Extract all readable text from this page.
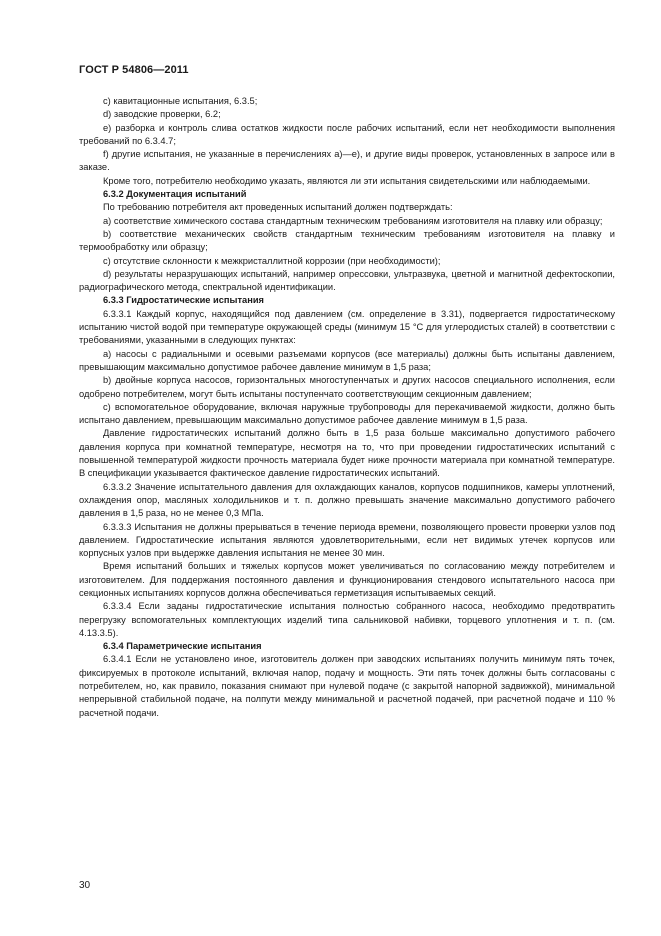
ГОСТ Р 54806—2011

с) кавитационные испытания, 6.3.5;

d) заводские проверки, 6.2;

е) разборка и контроль слива остатков жидкости после рабочих испытаний, если нет необходимости выполнения требований по 6.3.4.7;

f) другие испытания, не указанные в перечислениях а)—е), и другие виды проверок, установленных в запросе или в заказе.

Кроме того, потребителю необходимо указать, являются ли эти испытания свидетельскими или наблюдаемыми.

6.3.2 Документация испытаний

По требованию потребителя акт проведенных испытаний должен подтверждать:

а) соответствие химического состава стандартным техническим требованиям изготовителя на плавку или образцу;

b) соответствие механических свойств стандартным техническим требованиям изготовителя на плавку и термообработку или образцу;

с) отсутствие склонности к межкристаллитной коррозии (при необходимости);

d) результаты неразрушающих испытаний, например опрессовки, ультразвука, цветной и магнитной дефектоскопии, радиографического метода, спектральной идентификации.

6.3.3 Гидростатические испытания

6.3.3.1 Каждый корпус, находящийся под давлением (см. определение в 3.31), подвергается гидростатическому испытанию чистой водой при температуре окружающей среды (минимум 15 °С для углеродистых сталей) в соответствии с требованиями, указанными в следующих пунктах:

а) насосы с радиальными и осевыми разъемами корпусов (все материалы) должны быть испытаны давлением, превышающим максимально допустимое рабочее давление минимум в 1,5 раза;

b) двойные корпуса насосов, горизонтальных многоступенчатых и других насосов специального исполнения, если одобрено потребителем, могут быть испытаны поступенчато соответствующим секционным давлением;

с) вспомогательное оборудование, включая наружные трубопроводы для перекачиваемой жидкости, должно быть испытано давлением, превышающим максимально допустимое рабочее давление минимум в 1,5 раза.

Давление гидростатических испытаний должно быть в 1,5 раза больше максимально допустимого рабочего давления корпуса при комнатной температуре, несмотря на то, что при проведении гидростатических испытаний с повышенной температурой жидкости прочность материала будет ниже прочности материала при комнатной температуре. В спецификации указывается фактическое давление гидростатических испытаний.

6.3.3.2 Значение испытательного давления для охлаждающих каналов, корпусов подшипников, камеры уплотнений, охлаждения опор, масляных холодильников и т. п. должно превышать значение максимально допустимого рабочего давления в 1,5 раза, но не менее 0,3 МПа.

6.3.3.3 Испытания не должны прерываться в течение периода времени, позволяющего провести проверки узлов под давлением. Гидростатические испытания являются удовлетворительными, если нет видимых утечек корпусов или корпусных узлов при выдержке давления испытания не менее 30 мин.

Время испытаний больших и тяжелых корпусов может увеличиваться по согласованию между потребителем и изготовителем. Для поддержания постоянного давления и функционирования стендового испытательного насоса при секционных испытаниях корпусов должна обеспечиваться герметизация испытываемых секций.

6.3.3.4 Если заданы гидростатические испытания полностью собранного насоса, необходимо предотвратить перегрузку вспомогательных комплектующих изделий типа сальниковой набивки, торцевого уплотнения и т. п. (см. 4.13.3.5).

6.3.4 Параметрические испытания

6.3.4.1 Если не установлено иное, изготовитель должен при заводских испытаниях получить минимум пять точек, фиксируемых в протоколе испытаний, включая напор, подачу и мощность. Эти пять точек должны быть согласованы с потребителем, но, как правило, показания снимают при нулевой подаче (с закрытой напорной задвижкой), минимальной непрерывной стабильной подаче, на полпути между минимальной и расчетной подачей, при расчетной подаче и 110 % расчетной подачи.

30
